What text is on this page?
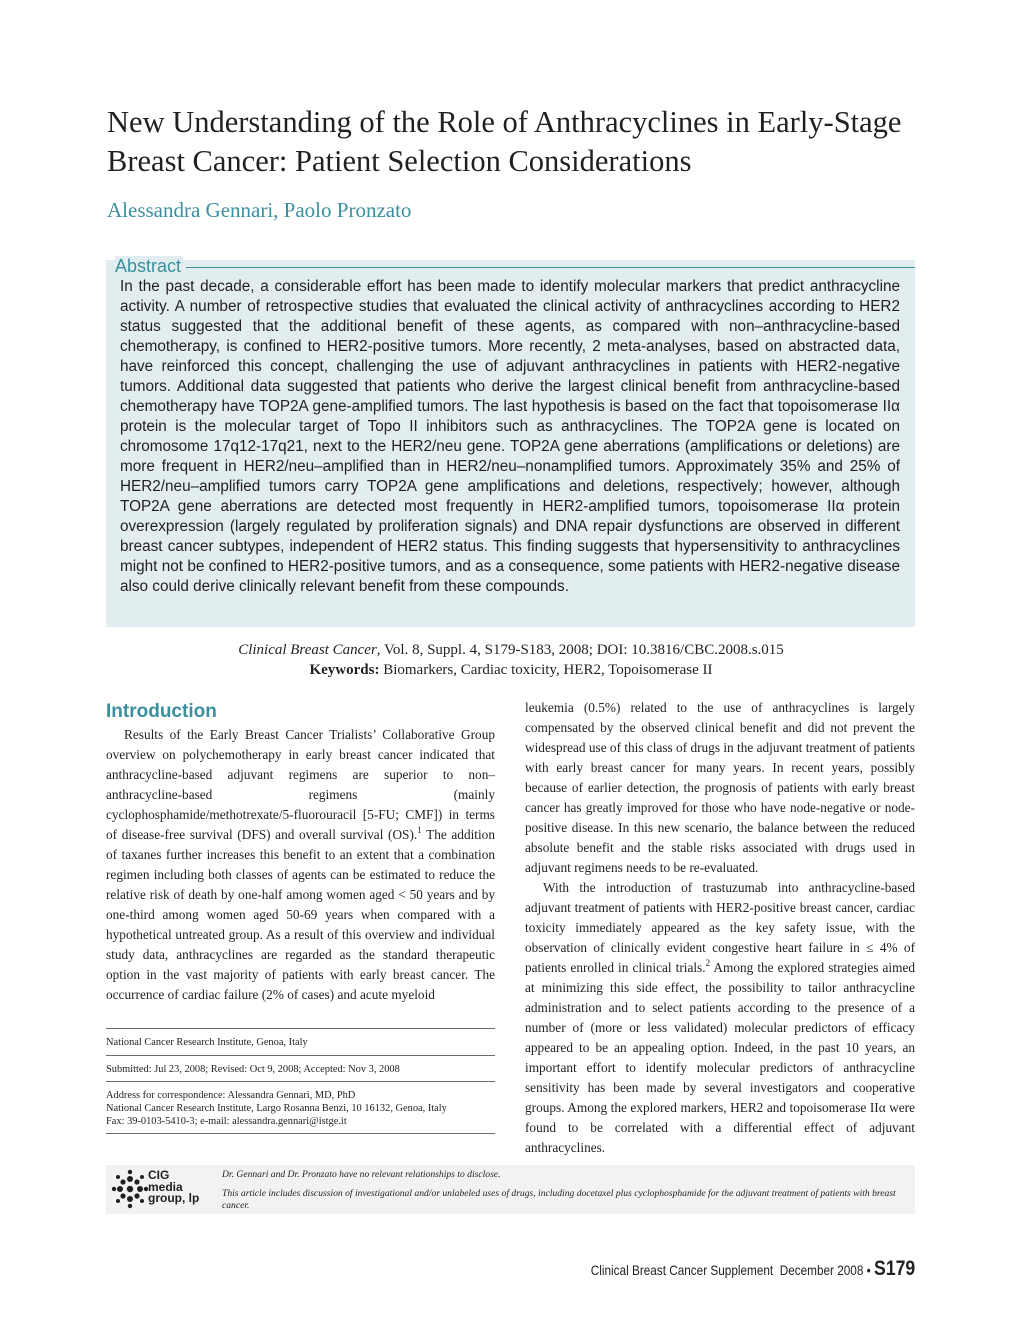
New Understanding of the Role of Anthracyclines in Early-Stage Breast Cancer: Patient Selection Considerations
Alessandra Gennari, Paolo Pronzato
Abstract
In the past decade, a considerable effort has been made to identify molecular markers that predict anthracycline activity. A number of retrospective studies that evaluated the clinical activity of anthracyclines according to HER2 status suggested that the additional benefit of these agents, as compared with non–anthracycline-based chemotherapy, is confined to HER2-positive tumors. More recently, 2 meta-analyses, based on abstracted data, have reinforced this concept, challenging the use of adjuvant anthracyclines in patients with HER2-negative tumors. Additional data suggested that patients who derive the largest clinical benefit from anthracycline-based chemotherapy have TOP2A gene-amplified tumors. The last hypothesis is based on the fact that topoisomerase IIα protein is the molecular target of Topo II inhibitors such as anthracyclines. The TOP2A gene is located on chromosome 17q12-17q21, next to the HER2/neu gene. TOP2A gene aberrations (amplifications or deletions) are more frequent in HER2/neu–amplified than in HER2/neu–nonamplified tumors. Approximately 35% and 25% of HER2/neu–amplified tumors carry TOP2A gene amplifications and deletions, respectively; however, although TOP2A gene aberrations are detected most frequently in HER2-amplified tumors, topoisomerase IIα protein overexpression (largely regulated by proliferation signals) and DNA repair dysfunctions are observed in different breast cancer subtypes, independent of HER2 status. This finding suggests that hypersensitivity to anthracyclines might not be confined to HER2-positive tumors, and as a consequence, some patients with HER2-negative disease also could derive clinically relevant benefit from these compounds.
Clinical Breast Cancer, Vol. 8, Suppl. 4, S179-S183, 2008; DOI: 10.3816/CBC.2008.s.015
Keywords: Biomarkers, Cardiac toxicity, HER2, Topoisomerase II
Introduction

Results of the Early Breast Cancer Trialists’ Collaborative Group overview on polychemotherapy in early breast cancer indicated that anthracycline-based adjuvant regimens are superior to non–anthracycline-based regimens (mainly cyclophosphamide/methotrexate/5-fluorouracil [5-FU; CMF]) in terms of disease-free survival (DFS) and overall survival (OS).$^1$ The addition of taxanes further increases this benefit to an extent that a combination regimen including both classes of agents can be estimated to reduce the relative risk of death by one-half among women aged < 50 years and by one-third among women aged 50-69 years when compared with a hypothetical untreated group. As a result of this overview and individual study data, anthracyclines are regarded as the standard therapeutic option in the vast majority of patients with early breast cancer. The occurrence of cardiac failure (2% of cases) and acute myeloid

leukemia (0.5%) related to the use of anthracyclines is largely compensated by the observed clinical benefit and did not prevent the widespread use of this class of drugs in the adjuvant treatment of patients with early breast cancer for many years. In recent years, possibly because of earlier detection, the prognosis of patients with early breast cancer has greatly improved for those who have node-negative or node-positive disease. In this new scenario, the balance between the reduced absolute benefit and the stable risks associated with drugs used in adjuvant regimens needs to be re-evaluated.

With the introduction of trastuzumab into anthracycline-based adjuvant treatment of patients with HER2-positive breast cancer, cardiac toxicity immediately appeared as the key safety issue, with the observation of clinically evident congestive heart failure in ≤ 4% of patients enrolled in clinical trials.$^2$ Among the explored strategies aimed at minimizing this side effect, the possibility to tailor anthracycline administration and to select patients according to the presence of a number of (more or less validated) molecular predictors of efficacy appeared to be an appealing option. Indeed, in the past 10 years, an important effort to identify molecular predictors of anthracycline sensitivity has been made by several investigators and cooperative groups. Among the explored markers, HER2 and topoisomerase IIα were found to be correlated with a differential effect of adjuvant anthracyclines.

National Cancer Research Institute, Genoa, Italy
Submitted: Jul 23, 2008; Revised: Oct 9, 2008; Accepted: Nov 3, 2008
Address for correspondence: Alessandra Gennari, MD, PhD
National Cancer Research Institute, Largo Rosanna Benzi, 10 16132, Genoa, Italy
Fax: 39-0103-5410-3; e-mail: alessandra.gennari@istge.it
CIG
media
group, lp
Dr. Gennari and Dr. Pronzato have no relevant relationships to disclose.
This article includes discussion of investigational and/or unlabeled uses of drugs, including docetaxel plus cyclophosphamide for the adjuvant treatment of patients with breast cancer.
Clinical Breast Cancer Supplement December 2008 • S179
